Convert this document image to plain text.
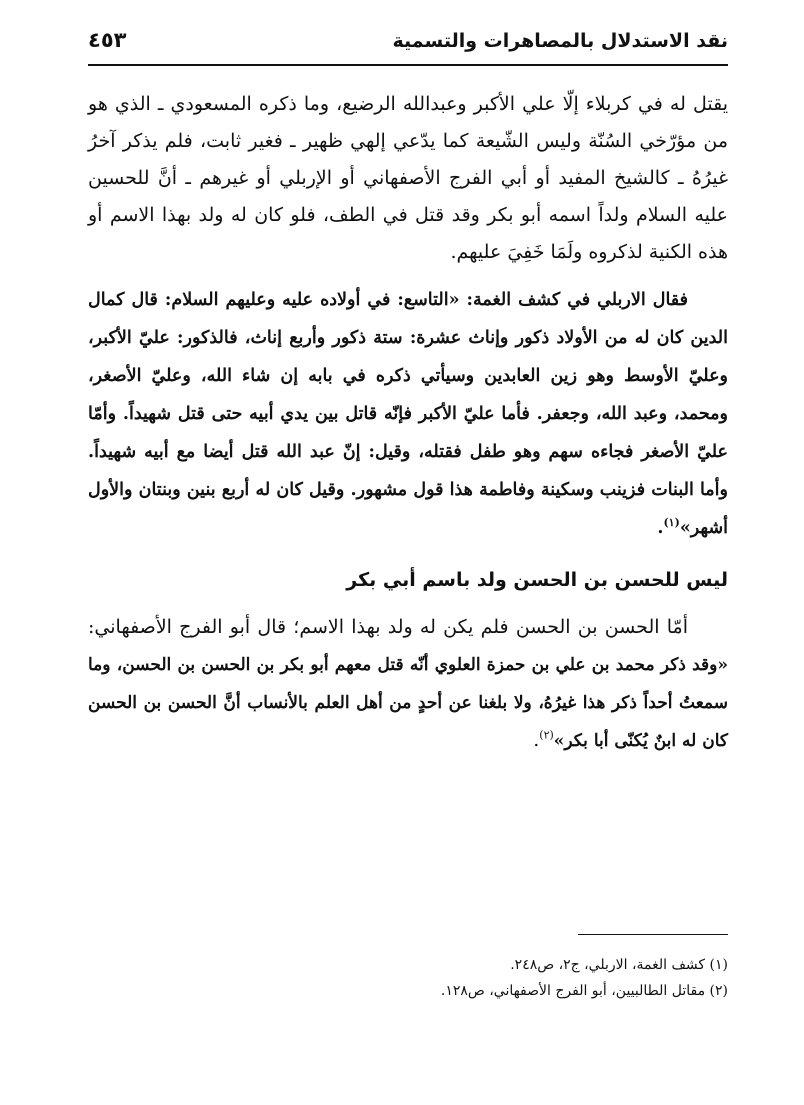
نقد الاستدلال بالمصاهرات والتسمية
٤٥٣

يقتل له في كربلاء إلّا علي الأكبر وعبدالله الرضيع، وما ذكره المسعودي ـ الذي هو من مؤرّخي السُنّة وليس الشّيعة كما يدّعي إلهي ظهير ـ فغير ثابت، فلم يذكر آخرُ غيرُهُ ـ كالشيخ المفيد أو أبي الفرج الأصفهاني أو الإربلي أو غيرهم ـ أنَّ للحسين عليه السلام ولداً اسمه أبو بكر وقد قتل في الطف، فلو كان له ولد بهذا الاسم أو هذه الكنية لذكروه ولَمَا خَفِيَ عليهم.

فقال الاربلي في كشف الغمة: «التاسع: في أولاده عليه وعليهم السلام: قال كمال الدين كان له من الأولاد ذكور وإناث عشرة: ستة ذكور وأربع إناث، فالذكور: عليّ الأكبر، وعليّ الأوسط وهو زين العابدين وسيأتي ذكره في بابه إن شاء الله، وعليّ الأصغر، ومحمد، وعبد الله، وجعفر. فأما عليّ الأكبر فإنّه قاتل بين يدي أبيه حتى قتل شهيداً. وأمّا عليّ الأصغر فجاءه سهم وهو طفل فقتله، وقيل: إنّ عبد الله قتل أيضا مع أبيه شهيداً. وأما البنات فزينب وسكينة وفاطمة هذا قول مشهور. وقيل كان له أربع بنين وبنتان والأول أشهر»$^{(١)}$.

ليس للحسن بن الحسن ولد باسم أبي بكر

أمّا الحسن بن الحسن فلم يكن له ولد بهذا الاسم؛ قال أبو الفرج الأصفهاني: «وقد ذكر محمد بن علي بن حمزة العلوي أنّه قتل معهم أبو بكر بن الحسن بن الحسن، وما سمعتُ أحداً ذكر هذا غيرُهُ، ولا بلغنا عن أحدٍ من أهل العلم بالأنساب أنَّ الحسن بن الحسن كان له ابنٌ يُكنّى أبا بكر»$^{(٢)}$.

(١) كشف الغمة، الاربلي، ج٢، ص٢٤٨.

(٢) مقاتل الطالبيين، أبو الفرج الأصفهاني، ص١٢٨.
